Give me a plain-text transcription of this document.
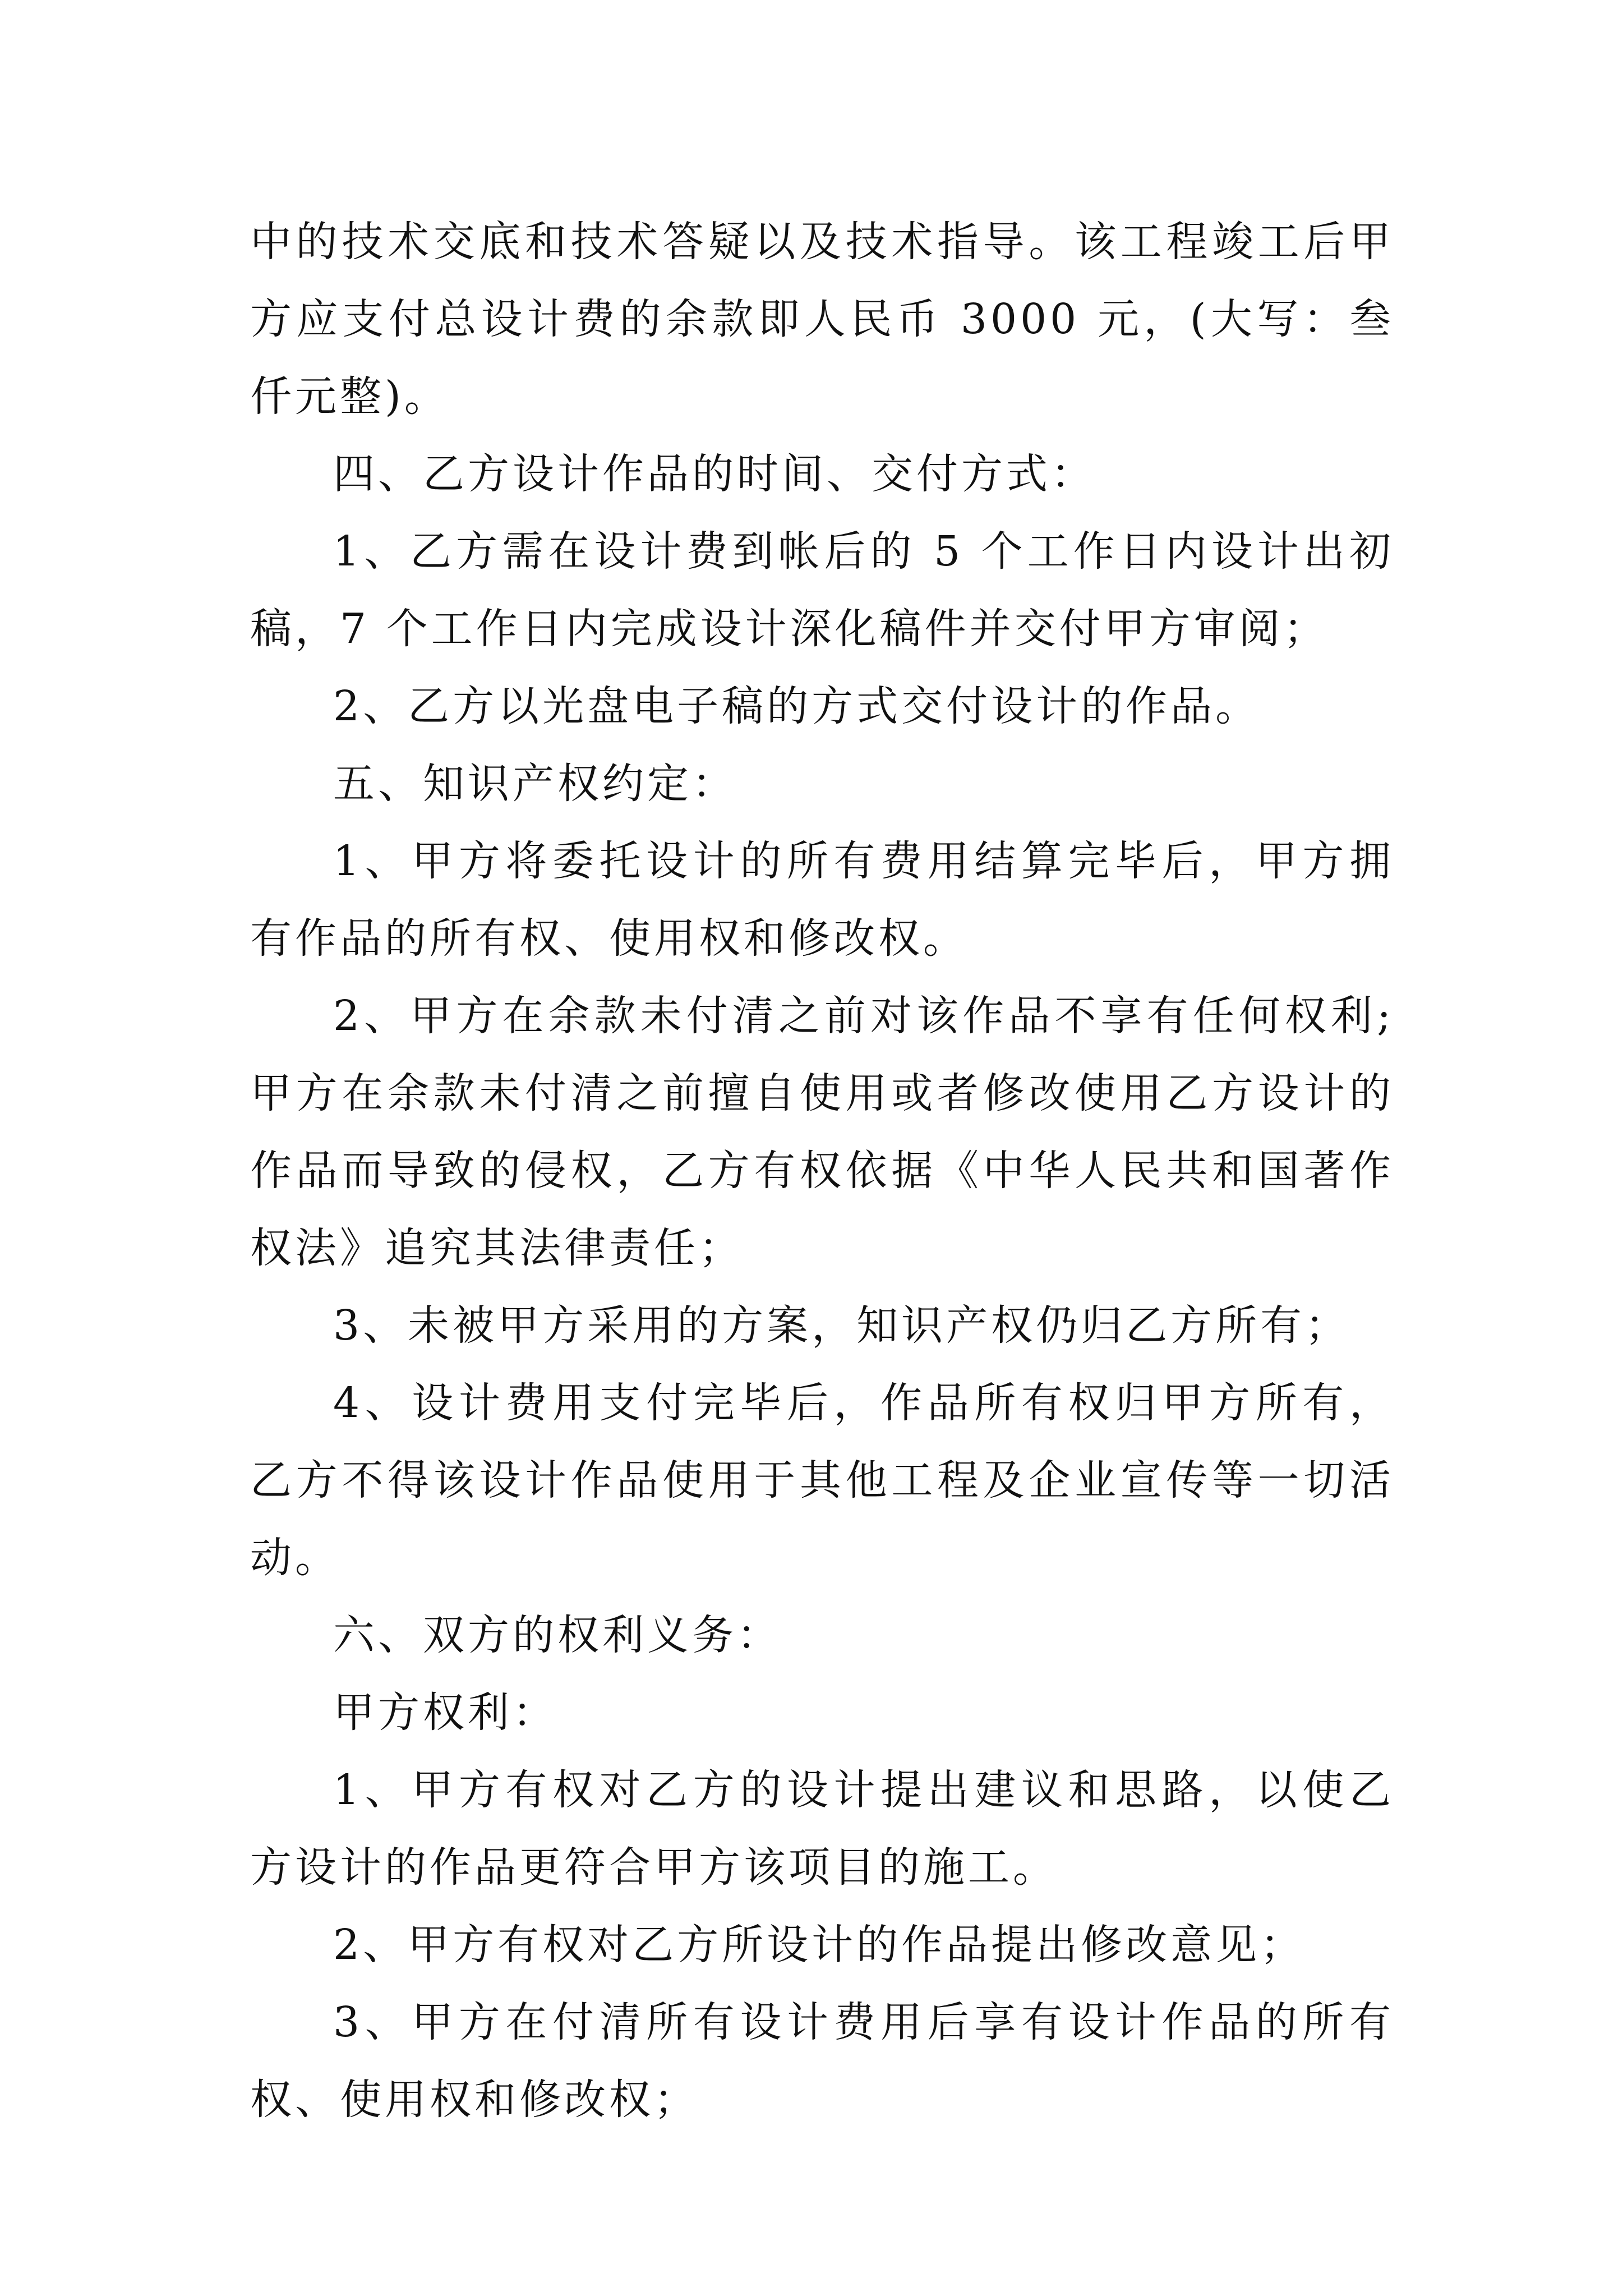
中的技术交底和技术答疑以及技术指导。该工程竣工后甲方应支付总设计费的余款即人民币 3000 元，(大写：叁仟元整)。

四、乙方设计作品的时间、交付方式：

1、乙方需在设计费到帐后的 5 个工作日内设计出初稿，7 个工作日内完成设计深化稿件并交付甲方审阅；

2、乙方以光盘电子稿的方式交付设计的作品。

五、知识产权约定：

1、甲方将委托设计的所有费用结算完毕后，甲方拥有作品的所有权、使用权和修改权。

2、甲方在余款未付清之前对该作品不享有任何权利;甲方在余款未付清之前擅自使用或者修改使用乙方设计的作品而导致的侵权，乙方有权依据《中华人民共和国著作权法》追究其法律责任；

3、未被甲方采用的方案，知识产权仍归乙方所有；

4、设计费用支付完毕后，作品所有权归甲方所有，乙方不得该设计作品使用于其他工程及企业宣传等一切活动。

六、双方的权利义务：

甲方权利：

1、甲方有权对乙方的设计提出建议和思路，以使乙方设计的作品更符合甲方该项目的施工。

2、甲方有权对乙方所设计的作品提出修改意见；

3、甲方在付清所有设计费用后享有设计作品的所有权、使用权和修改权；
